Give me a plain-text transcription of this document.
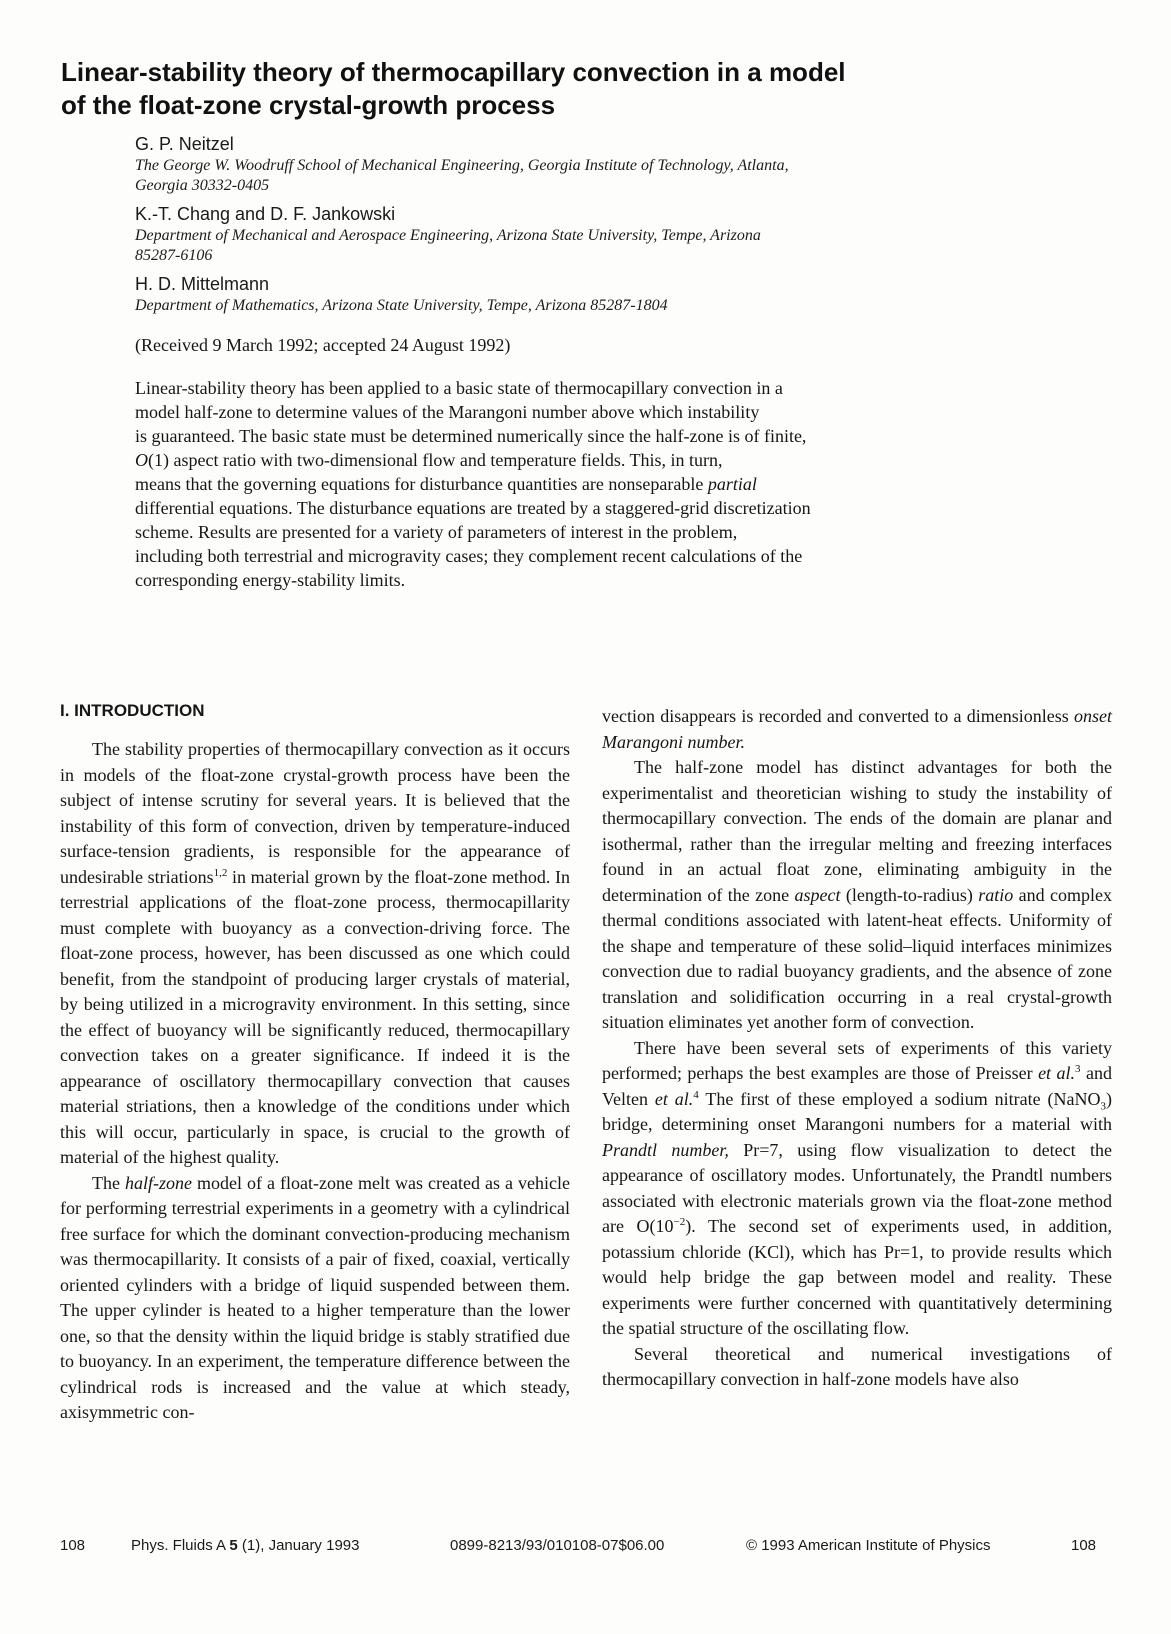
Linear-stability theory of thermocapillary convection in a model
of the float-zone crystal-growth process
G. P. Neitzel
The George W. Woodruff School of Mechanical Engineering, Georgia Institute of Technology, Atlanta,
Georgia 30332-0405
K.-T. Chang and D. F. Jankowski
Department of Mechanical and Aerospace Engineering, Arizona State University, Tempe, Arizona
85287-6106
H. D. Mittelmann
Department of Mathematics, Arizona State University, Tempe, Arizona 85287-1804
(Received 9 March 1992; accepted 24 August 1992)
Linear-stability theory has been applied to a basic state of thermocapillary convection in a
model half-zone to determine values of the Marangoni number above which instability
is guaranteed. The basic state must be determined numerically since the half-zone is of finite,
O(1) aspect ratio with two-dimensional flow and temperature fields. This, in turn,
means that the governing equations for disturbance quantities are nonseparable partial
differential equations. The disturbance equations are treated by a staggered-grid discretization
scheme. Results are presented for a variety of parameters of interest in the problem,
including both terrestrial and microgravity cases; they complement recent calculations of the
corresponding energy-stability limits.
I. INTRODUCTION

The stability properties of thermocapillary convection as it occurs in models of the float-zone crystal-growth process have been the subject of intense scrutiny for several years. It is believed that the instability of this form of convection, driven by temperature-induced surface-tension gradients, is responsible for the appearance of undesirable striations$^{1,2}$ in material grown by the float-zone method. In terrestrial applications of the float-zone process, thermocapillarity must complete with buoyancy as a convection-driving force. The float-zone process, however, has been discussed as one which could benefit, from the standpoint of producing larger crystals of material, by being utilized in a microgravity environment. In this setting, since the effect of buoyancy will be significantly reduced, thermocapillary convection takes on a greater significance. If indeed it is the appearance of oscillatory thermocapillary convection that causes material striations, then a knowledge of the conditions under which this will occur, particularly in space, is crucial to the growth of material of the highest quality.

The half-zone model of a float-zone melt was created as a vehicle for performing terrestrial experiments in a geometry with a cylindrical free surface for which the dominant convection-producing mechanism was thermocapillarity. It consists of a pair of fixed, coaxial, vertically oriented cylinders with a bridge of liquid suspended between them. The upper cylinder is heated to a higher temperature than the lower one, so that the density within the liquid bridge is stably stratified due to buoyancy. In an experiment, the temperature difference between the cylindrical rods is increased and the value at which steady, axisymmetric con-

vection disappears is recorded and converted to a dimensionless onset Marangoni number.

The half-zone model has distinct advantages for both the experimentalist and theoretician wishing to study the instability of thermocapillary convection. The ends of the domain are planar and isothermal, rather than the irregular melting and freezing interfaces found in an actual float zone, eliminating ambiguity in the determination of the zone aspect (length-to-radius) ratio and complex thermal conditions associated with latent-heat effects. Uniformity of the shape and temperature of these solid–liquid interfaces minimizes convection due to radial buoyancy gradients, and the absence of zone translation and solidification occurring in a real crystal-growth situation eliminates yet another form of convection.

There have been several sets of experiments of this variety performed; perhaps the best examples are those of Preisser et al.$^3$ and Velten et al.$^4$ The first of these employed a sodium nitrate (NaNO$_3$) bridge, determining onset Marangoni numbers for a material with Prandtl number, Pr=7, using flow visualization to detect the appearance of oscillatory modes. Unfortunately, the Prandtl numbers associated with electronic materials grown via the float-zone method are $O(10^{-2})$. The second set of experiments used, in addition, potassium chloride (KCl), which has Pr=1, to provide results which would help bridge the gap between model and reality. These experiments were further concerned with quantitatively determining the spatial structure of the oscillating flow.

Several theoretical and numerical investigations of thermocapillary convection in half-zone models have also

108	Phys. Fluids A 5 (1), January 1993	0899-8213/93/010108-07$06.00	© 1993 American Institute of Physics	108
